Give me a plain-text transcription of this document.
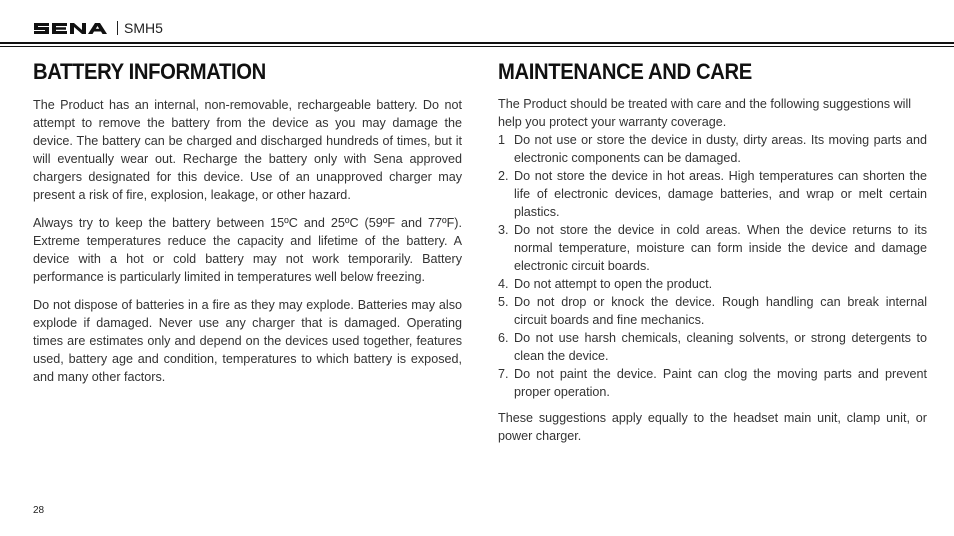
SENA
SMH5
BATTERY INFORMATION

The Product has an internal, non-removable, rechargeable battery. Do not attempt to remove the battery from the device as you may damage the device. The battery can be charged and discharged hundreds of times, but it will eventually wear out. Recharge the battery only with Sena approved chargers designated for this device. Use of an unapproved charger may present a risk of fire, explosion, leakage, or other hazard.

Always try to keep the battery between 15ºC and 25ºC (59ºF and 77ºF). Extreme temperatures reduce the capacity and lifetime of the battery. A device with a hot or cold battery may not work temporarily. Battery performance is particularly limited in temperatures well below freezing.

Do not dispose of batteries in a fire as they may explode. Batteries may also explode if damaged. Never use any charger that is damaged. Operating times are estimates only and depend on the devices used together, features used, battery age and condition, temperatures to which battery is exposed, and many other factors.

MAINTENANCE AND CARE

The Product should be treated with care and the following suggestions will help you protect your warranty coverage.

1 Do not use or store the device in dusty, dirty areas. Its moving parts and electronic components can be damaged.
2. Do not store the device in hot areas. High temperatures can shorten the life of electronic devices, damage batteries, and wrap or melt certain plastics.
3. Do not store the device in cold areas. When the device returns to its normal temperature, moisture can form inside the device and damage electronic circuit boards.
4. Do not attempt to open the product.
5. Do not drop or knock the device. Rough handling can break internal circuit boards and fine mechanics.
6. Do not use harsh chemicals, cleaning solvents, or strong detergents to clean the device.
7. Do not paint the device. Paint can clog the moving parts and prevent proper operation.

These suggestions apply equally to the headset main unit, clamp unit, or power charger.

28
